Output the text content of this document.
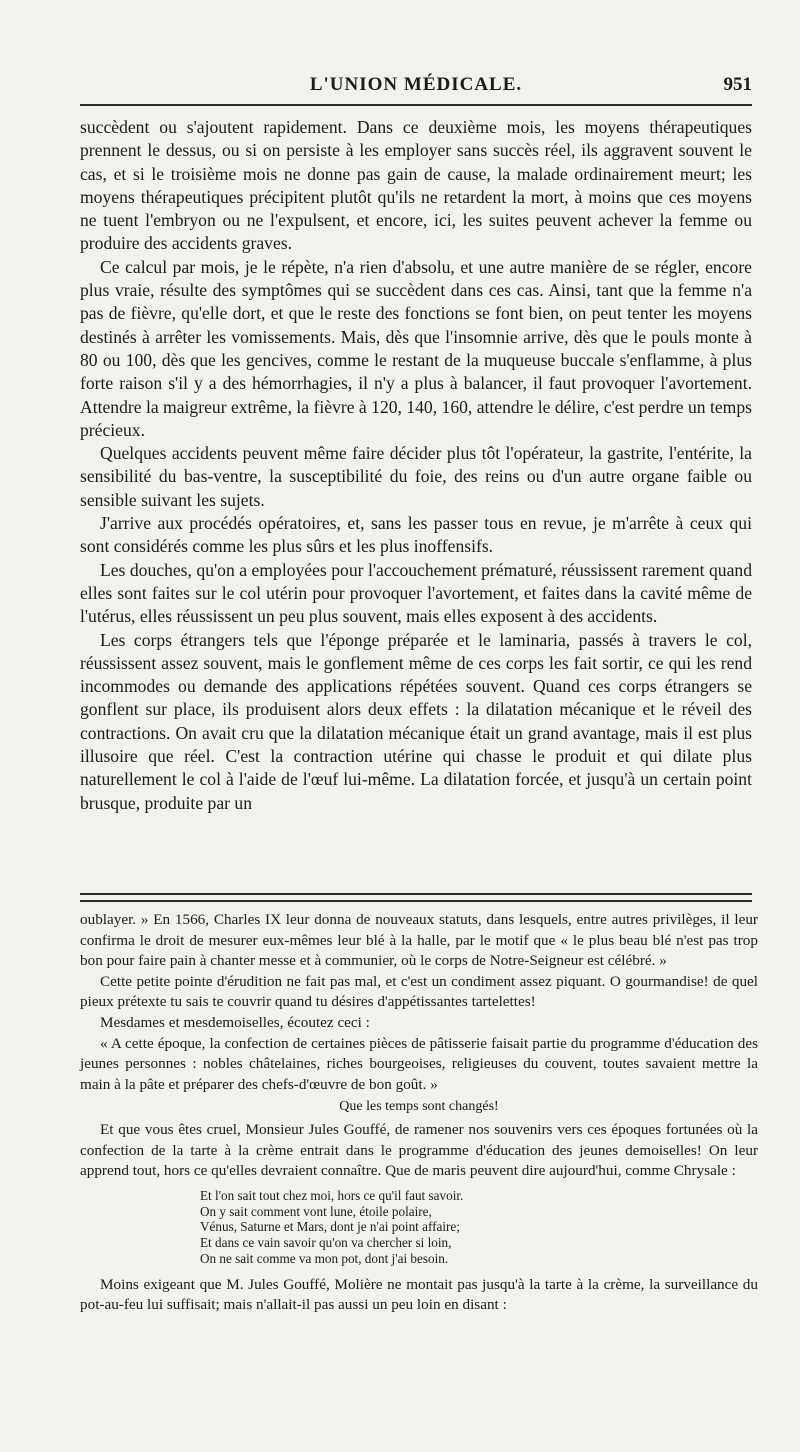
L'UNION MÉDICALE.	951

succèdent ou s'ajoutent rapidement. Dans ce deuxième mois, les moyens thérapeutiques prennent le dessus, ou si on persiste à les employer sans succès réel, ils aggravent souvent le cas, et si le troisième mois ne donne pas gain de cause, la malade ordinairement meurt; les moyens thérapeutiques précipitent plutôt qu'ils ne retardent la mort, à moins que ces moyens ne tuent l'embryon ou ne l'expulsent, et encore, ici, les suites peuvent achever la femme ou produire des accidents graves.

Ce calcul par mois, je le répète, n'a rien d'absolu, et une autre manière de se régler, encore plus vraie, résulte des symptômes qui se succèdent dans ces cas. Ainsi, tant que la femme n'a pas de fièvre, qu'elle dort, et que le reste des fonctions se font bien, on peut tenter les moyens destinés à arrêter les vomissements. Mais, dès que l'insomnie arrive, dès que le pouls monte à 80 ou 100, dès que les gencives, comme le restant de la muqueuse buccale s'enflamme, à plus forte raison s'il y a des hémorrhagies, il n'y a plus à balancer, il faut provoquer l'avortement. Attendre la maigreur extrême, la fièvre à 120, 140, 160, attendre le délire, c'est perdre un temps précieux.

Quelques accidents peuvent même faire décider plus tôt l'opérateur, la gastrite, l'entérite, la sensibilité du bas-ventre, la susceptibilité du foie, des reins ou d'un autre organe faible ou sensible suivant les sujets.

J'arrive aux procédés opératoires, et, sans les passer tous en revue, je m'arrête à ceux qui sont considérés comme les plus sûrs et les plus inoffensifs.

Les douches, qu'on a employées pour l'accouchement prématuré, réussissent rarement quand elles sont faites sur le col utérin pour provoquer l'avortement, et faites dans la cavité même de l'utérus, elles réussissent un peu plus souvent, mais elles exposent à des accidents.

Les corps étrangers tels que l'éponge préparée et le laminaria, passés à travers le col, réussissent assez souvent, mais le gonflement même de ces corps les fait sortir, ce qui les rend incommodes ou demande des applications répétées souvent. Quand ces corps étrangers se gonflent sur place, ils produisent alors deux effets : la dilatation mécanique et le réveil des contractions. On avait cru que la dilatation mécanique était un grand avantage, mais il est plus illusoire que réel. C'est la contraction utérine qui chasse le produit et qui dilate plus naturellement le col à l'aide de l'œuf lui-même. La dilatation forcée, et jusqu'à un certain point brusque, produite par un

oublayer. » En 1566, Charles IX leur donna de nouveaux statuts, dans lesquels, entre autres privilèges, il leur confirma le droit de mesurer eux-mêmes leur blé à la halle, par le motif que « le plus beau blé n'est pas trop bon pour faire pain à chanter messe et à communier, où le corps de Notre-Seigneur est célébré. »

Cette petite pointe d'érudition ne fait pas mal, et c'est un condiment assez piquant. O gourmandise! de quel pieux prétexte tu sais te couvrir quand tu désires d'appétissantes tartelettes!

Mesdames et mesdemoiselles, écoutez ceci :

« A cette époque, la confection de certaines pièces de pâtisserie faisait partie du programme d'éducation des jeunes personnes : nobles châtelaines, riches bourgeoises, religieuses du couvent, toutes savaient mettre la main à la pâte et préparer des chefs-d'œuvre de bon goût. »

Que les temps sont changés!

Et que vous êtes cruel, Monsieur Jules Gouffé, de ramener nos souvenirs vers ces époques fortunées où la confection de la tarte à la crème entrait dans le programme d'éducation des jeunes demoiselles! On leur apprend tout, hors ce qu'elles devraient connaître. Que de maris peuvent dire aujourd'hui, comme Chrysale :

Et l'on sait tout chez moi, hors ce qu'il faut savoir.
On y sait comment vont lune, étoile polaire,
Vénus, Saturne et Mars, dont je n'ai point affaire;
Et dans ce vain savoir qu'on va chercher si loin,
On ne sait comme va mon pot, dont j'ai besoin.

Moins exigeant que M. Jules Gouffé, Molière ne montait pas jusqu'à la tarte à la crème, la surveillance du pot-au-feu lui suffisait; mais n'allait-il pas aussi un peu loin en disant :
